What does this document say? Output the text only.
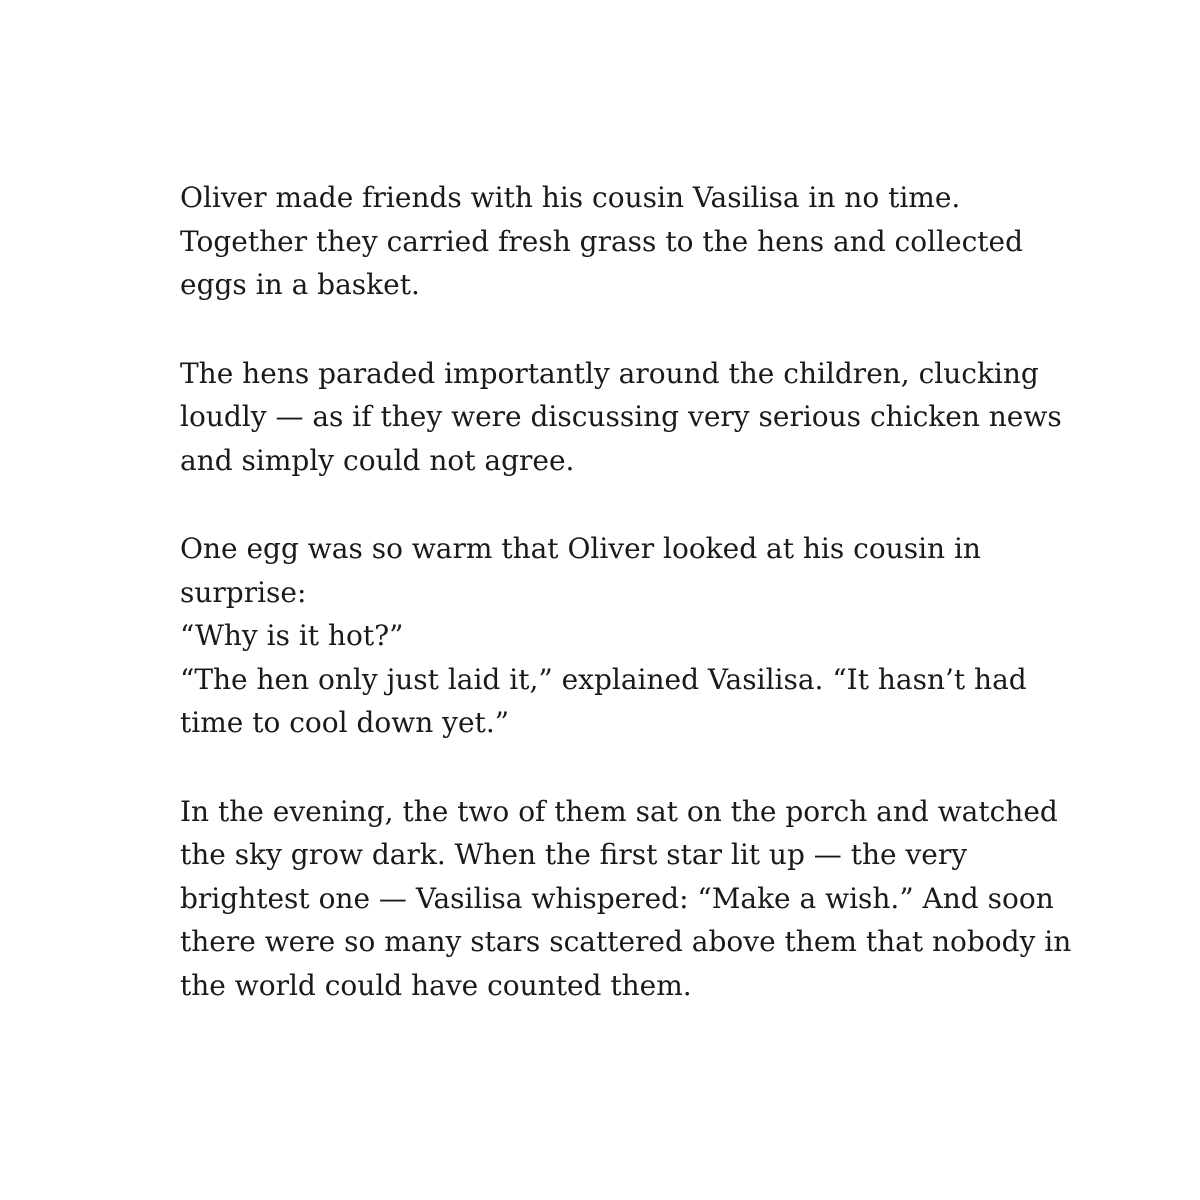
Oliver made friends with his cousin Vasilisa in no time.
Together they carried fresh grass to the hens and collected
eggs in a basket.

The hens paraded importantly around the children, clucking
loudly — as if they were discussing very serious chicken news
and simply could not agree.

One egg was so warm that Oliver looked at his cousin in
surprise:
“Why is it hot?”
“The hen only just laid it,” explained Vasilisa. “It hasn’t had
time to cool down yet.”

In the evening, the two of them sat on the porch and watched
the sky grow dark. When the first star lit up — the very
brightest one — Vasilisa whispered: “Make a wish.” And soon
there were so many stars scattered above them that nobody in
the world could have counted them.
